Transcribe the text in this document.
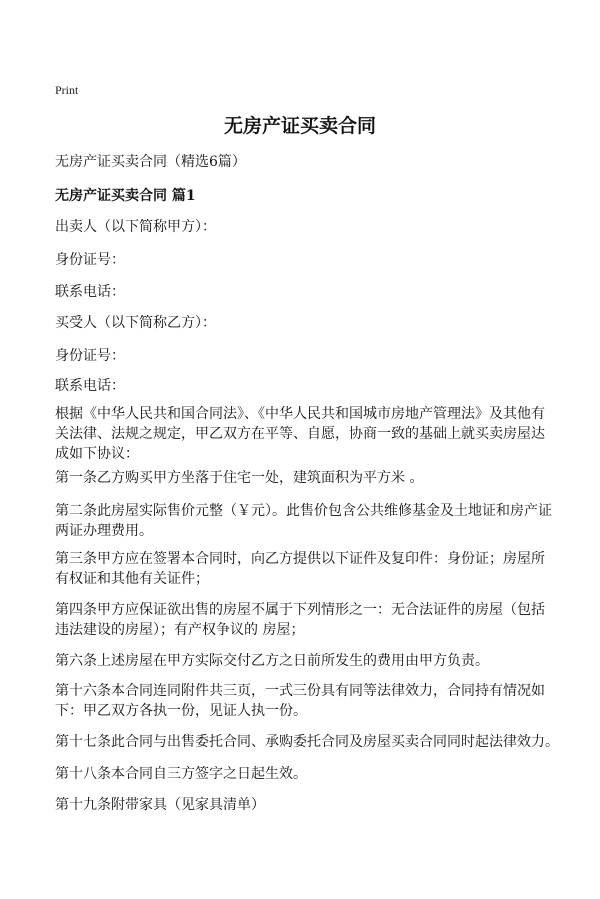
Print
无房产证买卖合同

无房产证买卖合同（精选6篇）

无房产证买卖合同 篇1

出卖人（以下简称甲方）：

身份证号：

联系电话：

买受人（以下简称乙方）：

身份证号：

联系电话：

根据《中华人民共和国合同法》、《中华人民共和国城市房地产管理法》及其他有关法律、法规之规定，甲乙双方在平等、自愿，协商一致的基础上就买卖房屋达成如下协议：

第一条乙方购买甲方坐落于住宅一处，建筑面积为平方米 。

第二条此房屋实际售价元整（￥元）。此售价包含公共维修基金及土地证和房产证两证办理费用。

第三条甲方应在签署本合同时，向乙方提供以下证件及复印件：身份证；房屋所有权证和其他有关证件；

第四条甲方应保证欲出售的房屋不属于下列情形之一：无合法证件的房屋（包括违法建设的房屋）；有产权争议的 房屋；

第六条上述房屋在甲方实际交付乙方之日前所发生的费用由甲方负责。

第十六条本合同连同附件共三页，一式三份具有同等法律效力，合同持有情况如下：甲乙双方各执一份，见证人执一份。

第十七条此合同与出售委托合同、承购委托合同及房屋买卖合同同时起法律效力。

第十八条本合同自三方签字之日起生效。

第十九条附带家具（见家具清单）
